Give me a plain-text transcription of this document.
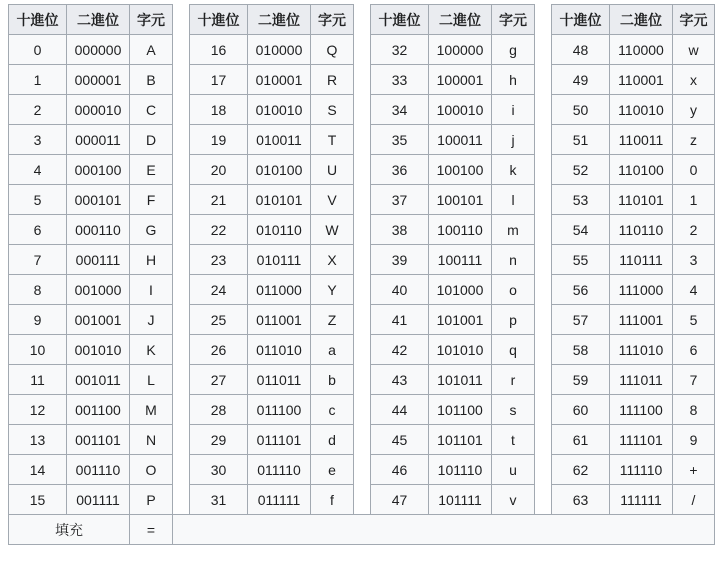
十進位	二進位	字元		十進位	二進位	字元		十進位	二進位	字元		十進位	二進位	字元
0	000000	A		16	010000	Q		32	100000	g		48	110000	w
1	000001	B		17	010001	R		33	100001	h		49	110001	x
2	000010	C		18	010010	S		34	100010	i		50	110010	y
3	000011	D		19	010011	T		35	100011	j		51	110011	z
4	000100	E		20	010100	U		36	100100	k		52	110100	0
5	000101	F		21	010101	V		37	100101	l		53	110101	1
6	000110	G		22	010110	W		38	100110	m		54	110110	2
7	000111	H		23	010111	X		39	100111	n		55	110111	3
8	001000	I		24	011000	Y		40	101000	o		56	111000	4
9	001001	J		25	011001	Z		41	101001	p		57	111001	5
10	001010	K		26	011010	a		42	101010	q		58	111010	6
11	001011	L		27	011011	b		43	101011	r		59	111011	7
12	001100	M		28	011100	c		44	101100	s		60	111100	8
13	001101	N		29	011101	d		45	101101	t		61	111101	9
14	001110	O		30	011110	e		46	101110	u		62	111110	+
15	001111	P		31	011111	f		47	101111	v		63	111111	/
填充		=												
